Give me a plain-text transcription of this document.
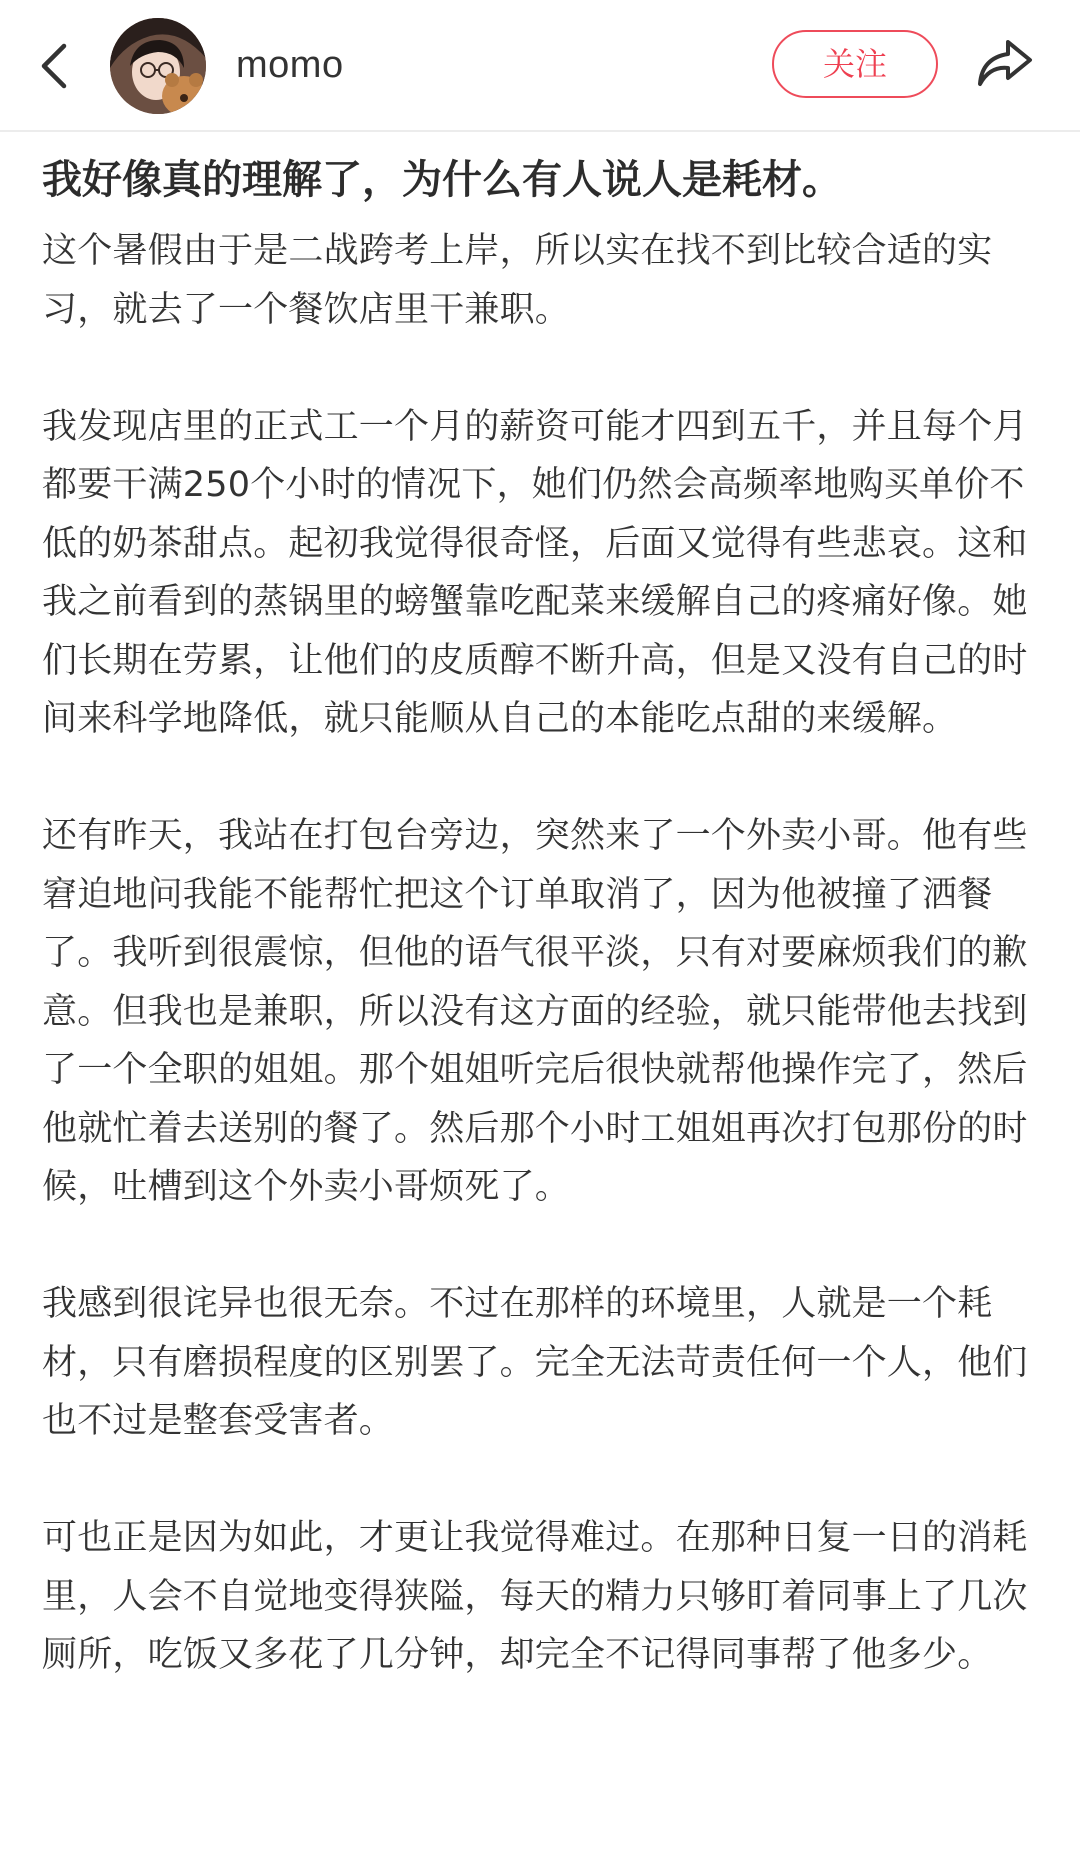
momo	关注
我好像真的理解了，为什么有人说人是耗材。

这个暑假由于是二战跨考上岸，所以实在找不到比较合适的实习，就去了一个餐饮店里干兼职。

我发现店里的正式工一个月的薪资可能才四到五千，并且每个月都要干满250个小时的情况下，她们仍然会高频率地购买单价不低的奶茶甜点。起初我觉得很奇怪，后面又觉得有些悲哀。这和我之前看到的蒸锅里的螃蟹靠吃配菜来缓解自己的疼痛好像。她们长期在劳累，让他们的皮质醇不断升高，但是又没有自己的时间来科学地降低，就只能顺从自己的本能吃点甜的来缓解。

还有昨天，我站在打包台旁边，突然来了一个外卖小哥。他有些窘迫地问我能不能帮忙把这个订单取消了，因为他被撞了洒餐了。我听到很震惊，但他的语气很平淡，只有对要麻烦我们的歉意。但我也是兼职，所以没有这方面的经验，就只能带他去找到了一个全职的姐姐。那个姐姐听完后很快就帮他操作完了，然后他就忙着去送别的餐了。然后那个小时工姐姐再次打包那份的时候，吐槽到这个外卖小哥烦死了。

我感到很诧异也很无奈。不过在那样的环境里，人就是一个耗材，只有磨损程度的区别罢了。完全无法苛责任何一个人，他们也不过是整套受害者。

可也正是因为如此，才更让我觉得难过。在那种日复一日的消耗里，人会不自觉地变得狭隘，每天的精力只够盯着同事上了几次厕所，吃饭又多花了几分钟，却完全不记得同事帮了他多少。
